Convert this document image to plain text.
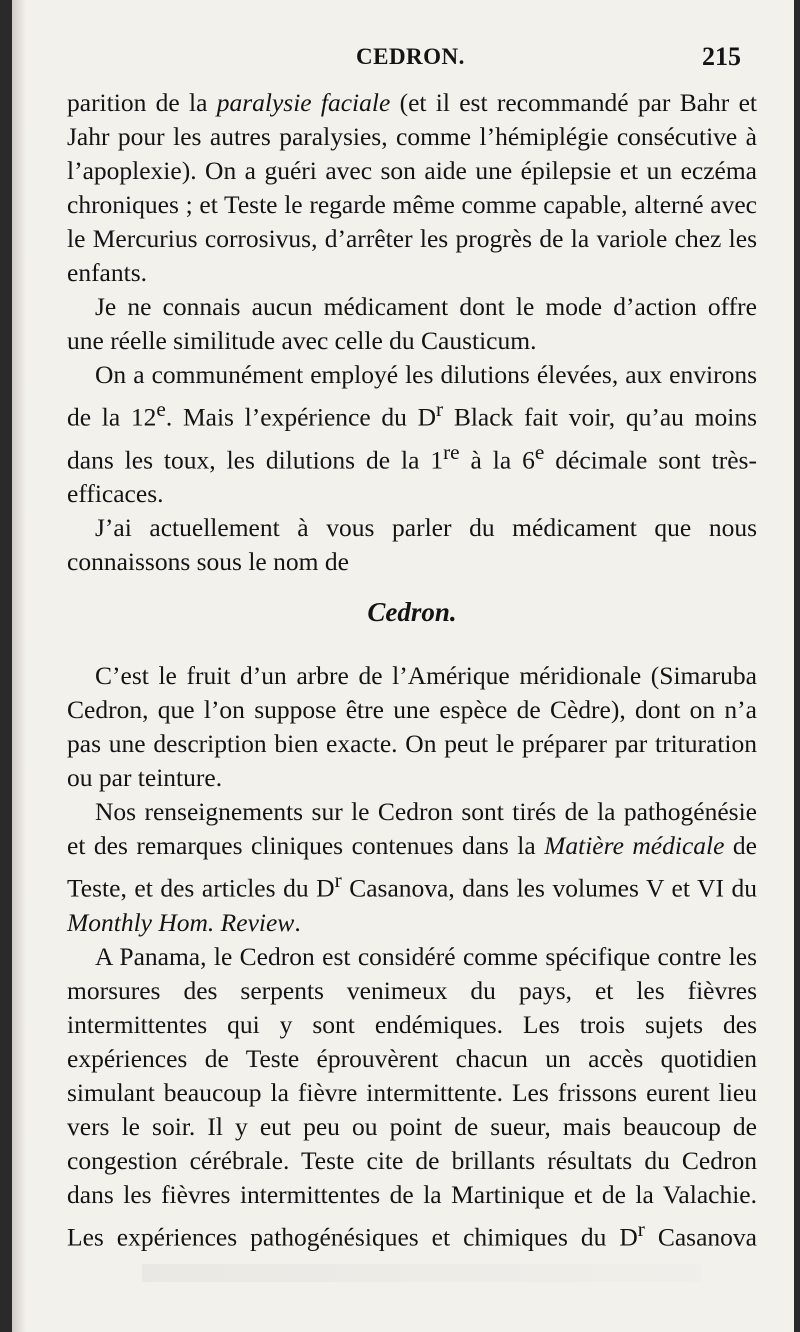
CEDRON.	215

parition de la paralysie faciale (et il est recommandé par Bahr et Jahr pour les autres paralysies, comme l’hémiplégie consécutive à l’apoplexie). On a guéri avec son aide une épilepsie et un eczéma chroniques ; et Teste le regarde même comme capable, alterné avec le Mercurius corrosivus, d’arrêter les progrès de la variole chez les enfants.

Je ne connais aucun médicament dont le mode d’action offre une réelle similitude avec celle du Causticum.

On a communément employé les dilutions élevées, aux environs de la 12e. Mais l’expérience du $D^r$ Black fait voir, qu’au moins dans les toux, les dilutions de la 1re à la 6e décimale sont très-efficaces.

J’ai actuellement à vous parler du médicament que nous connaissons sous le nom de

Cedron.

C’est le fruit d’un arbre de l’Amérique méridionale (Simaruba Cedron, que l’on suppose être une espèce de Cèdre), dont on n’a pas une description bien exacte. On peut le préparer par trituration ou par teinture.

Nos renseignements sur le Cedron sont tirés de la pathogénésie et des remarques cliniques contenues dans la Matière médicale de Teste, et des articles du $D^r$ Casanova, dans les volumes V et VI du Monthly Hom. Review.

A Panama, le Cedron est considéré comme spécifique contre les morsures des serpents venimeux du pays, et les fièvres intermittentes qui y sont endémiques. Les trois sujets des expériences de Teste éprouvèrent chacun un accès quotidien simulant beaucoup la fièvre intermittente. Les frissons eurent lieu vers le soir. Il y eut peu ou point de sueur, mais beaucoup de congestion cérébrale. Teste cite de brillants résultats du Cedron dans les fièvres intermittentes de la Martinique et de la Valachie. Les expériences pathogénésiques et chimiques du $D^r$ Casanova
